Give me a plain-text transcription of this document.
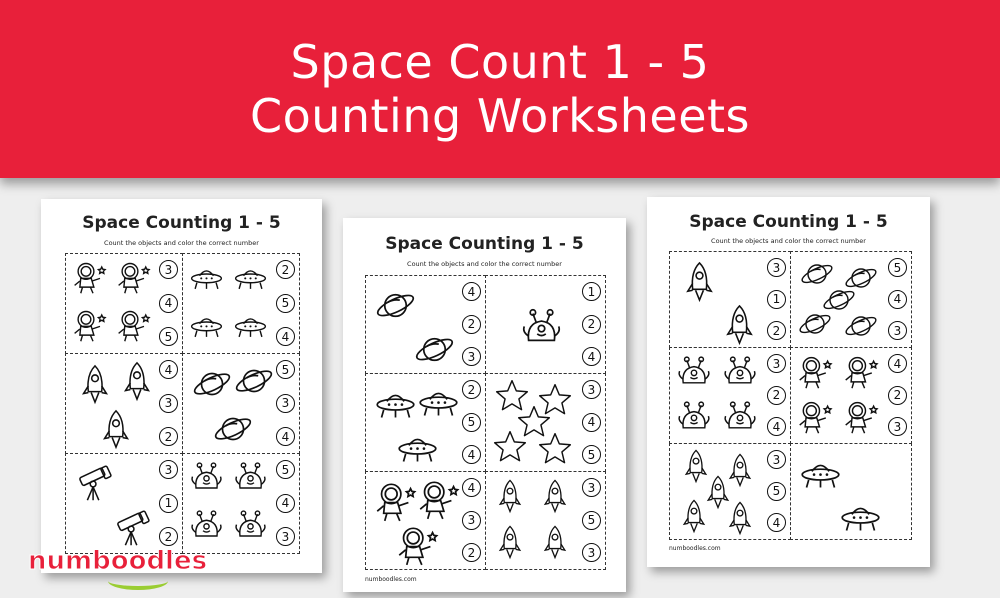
Space Count 1 - 5
Counting Worksheets
Space Counting 1 - 5
Count the objects and color the correct number
3
4
5
2
5
4
4
3
2
5
3
4
3
1
2
5
4
3
Space Counting 1 - 5
Count the objects and color the correct number
4
2
3
1
2
4
2
5
4
3
4
5
4
3
2
3
5
3
numboodles.com
Space Counting 1 - 5
Count the objects and color the correct number
3
1
2
5
4
3
3
2
4
4
2
3
3
5
4
numboodles.com
numboodles
